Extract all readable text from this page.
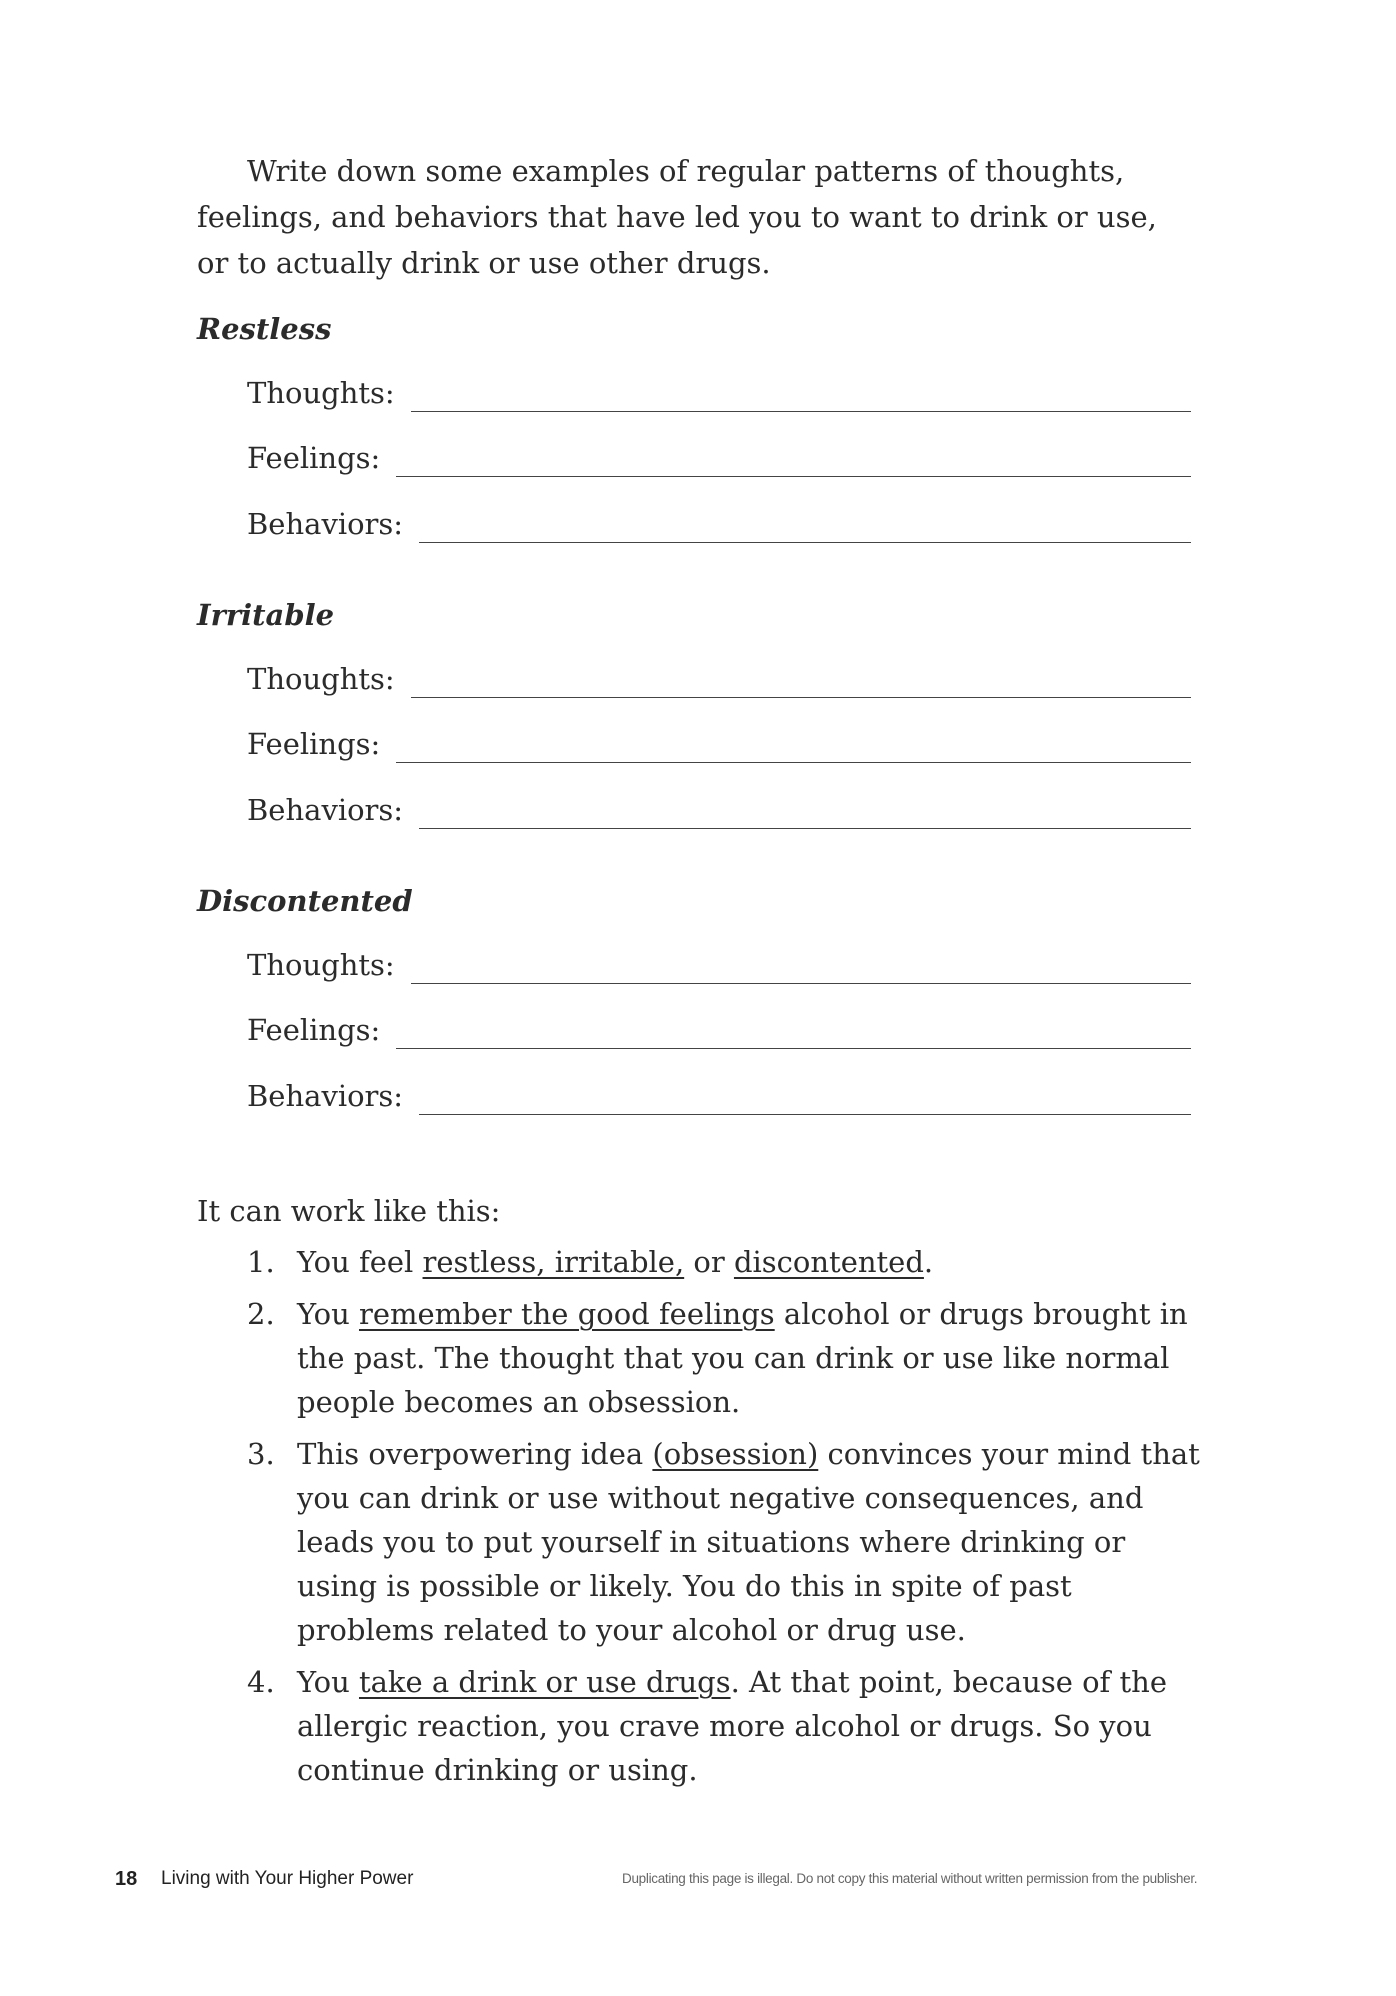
Write down some examples of regular patterns of thoughts, feelings, and behaviors that have led you to want to drink or use, or to actually drink or use other drugs.

Restless
Thoughts:
Feelings:
Behaviors:
Irritable
Thoughts:
Feelings:
Behaviors:
Discontented
Thoughts:
Feelings:
Behaviors:

It can work like this:

1. You feel restless, irritable, or discontented.
2. You remember the good feelings alcohol or drugs brought in the past. The thought that you can drink or use like normal people becomes an obsession.
3. This overpowering idea (obsession) convinces your mind that you can drink or use without negative consequences, and leads you to put yourself in situations where drinking or using is possible or likely. You do this in spite of past problems related to your alcohol or drug use.
4. You take a drink or use drugs. At that point, because of the allergic reaction, you crave more alcohol or drugs. So you continue drinking or using.
18 Living with Your Higher Power	Duplicating this page is illegal. Do not copy this material without written permission from the publisher.
